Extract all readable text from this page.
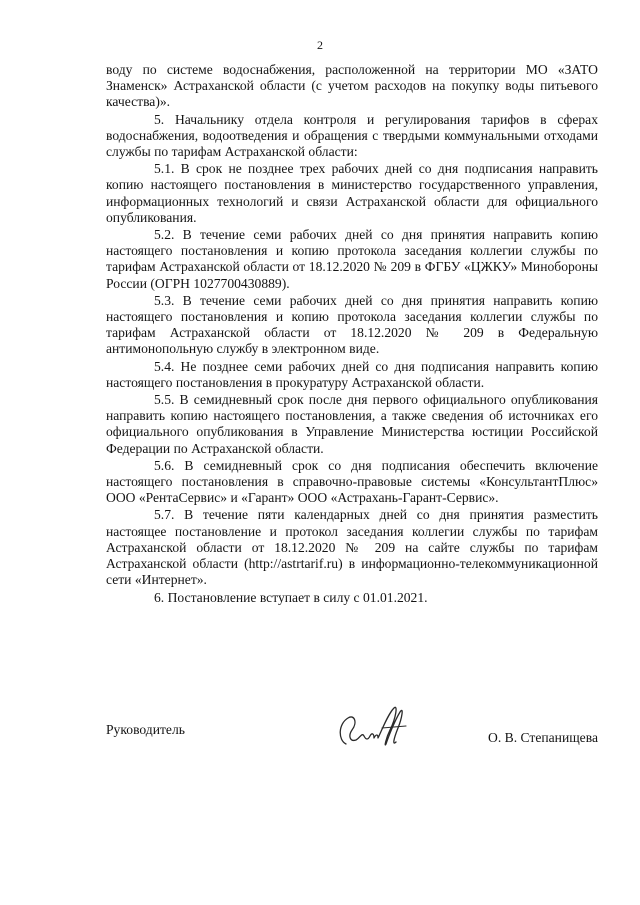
2

воду по системе водоснабжения, расположенной на территории МО «ЗАТО Знаменск» Астраханской области (с учетом расходов на покупку воды питьевого качества)».

5. Начальнику отдела контроля и регулирования тарифов в сферах водоснабжения, водоотведения и обращения с твердыми коммунальными отходами службы по тарифам Астраханской области:

5.1. В срок не позднее трех рабочих дней со дня подписания направить копию настоящего постановления в министерство государственного управления, информационных технологий и связи Астраханской области для официального опубликования.

5.2. В течение семи рабочих дней со дня принятия направить копию настоящего постановления и копию протокола заседания коллегии службы по тарифам Астраханской области от 18.12.2020 № 209 в ФГБУ «ЦЖКУ» Минобороны России (ОГРН 1027700430889).

5.3. В течение семи рабочих дней со дня принятия направить копию настоящего постановления и копию протокола заседания коллегии службы по тарифам Астраханской области от 18.12.2020 № 209 в Федеральную антимонопольную службу в электронном виде.

5.4. Не позднее семи рабочих дней со дня подписания направить копию настоящего постановления в прокуратуру Астраханской области.

5.5. В семидневный срок после дня первого официального опубликования направить копию настоящего постановления, а также сведения об источниках его официального опубликования в Управление Министерства юстиции Российской Федерации по Астраханской области.

5.6. В семидневный срок со дня подписания обеспечить включение настоящего постановления в справочно-правовые системы «КонсультантПлюс» ООО «РентаСервис» и «Гарант» ООО «Астрахань-Гарант-Сервис».

5.7. В течение пяти календарных дней со дня принятия разместить настоящее постановление и протокол заседания коллегии службы по тарифам Астраханской области от 18.12.2020 № 209 на сайте службы по тарифам Астраханской области (http://astrtarif.ru) в информационно-телекоммуникационной сети «Интернет».

6. Постановление вступает в силу с 01.01.2021.

Руководитель
О. В. Степанищева
